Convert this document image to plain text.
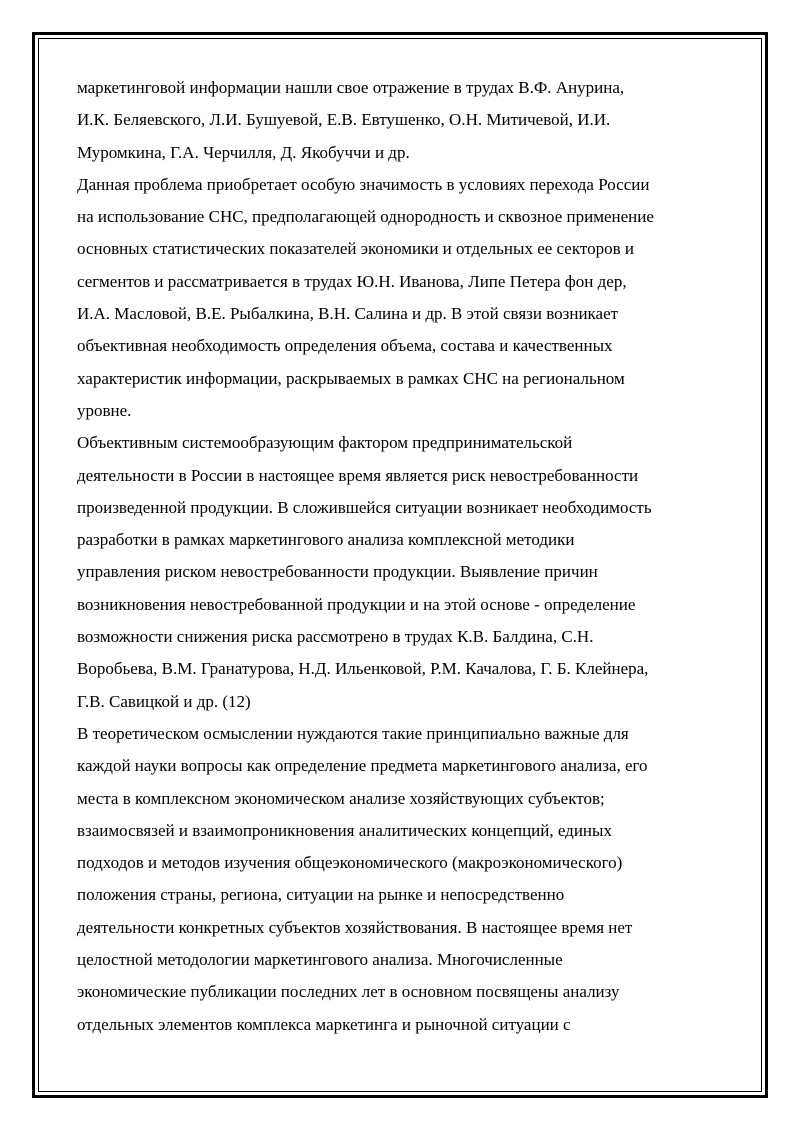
маркетинговой информации нашли свое отражение в трудах В.Ф. Анурина,
И.К. Беляевского, Л.И. Бушуевой, Е.В. Евтушенко, О.Н. Митичевой, И.И.
Муромкина, Г.А. Черчилля, Д. Якобуччи и др.
Данная проблема приобретает особую значимость в условиях перехода России
на использование СНС, предполагающей однородность и сквозное применение
основных статистических показателей экономики и отдельных ее секторов и
сегментов и рассматривается в трудах Ю.Н. Иванова, Липе Петера фон дер,
И.А. Масловой, В.Е. Рыбалкина, В.Н. Салина и др. В этой связи возникает
объективная необходимость определения объема, состава и качественных
характеристик информации, раскрываемых в рамках СНС на региональном
уровне.
Объективным системообразующим фактором предпринимательской
деятельности в России в настоящее время является риск невостребованности
произведенной продукции. В сложившейся ситуации возникает необходимость
разработки в рамках маркетингового анализа комплексной методики
управления риском невостребованности продукции. Выявление причин
возникновения невостребованной продукции и на этой основе - определение
возможности снижения риска рассмотрено в трудах К.В. Балдина, С.Н.
Воробьева, В.М. Гранатурова, Н.Д. Ильенковой, Р.М. Качалова, Г. Б. Клейнера,
Г.В. Савицкой и др. (12)
В теоретическом осмыслении нуждаются такие принципиально важные для
каждой науки вопросы как определение предмета маркетингового анализа, его
места в комплексном экономическом анализе хозяйствующих субъектов;
взаимосвязей и взаимопроникновения аналитических концепций, единых
подходов и методов изучения общеэкономического (макроэкономического)
положения страны, региона, ситуации на рынке и непосредственно
деятельности конкретных субъектов хозяйствования. В настоящее время нет
целостной методологии маркетингового анализа. Многочисленные
экономические публикации последних лет в основном посвящены анализу
отдельных элементов комплекса маркетинга и рыночной ситуации с
